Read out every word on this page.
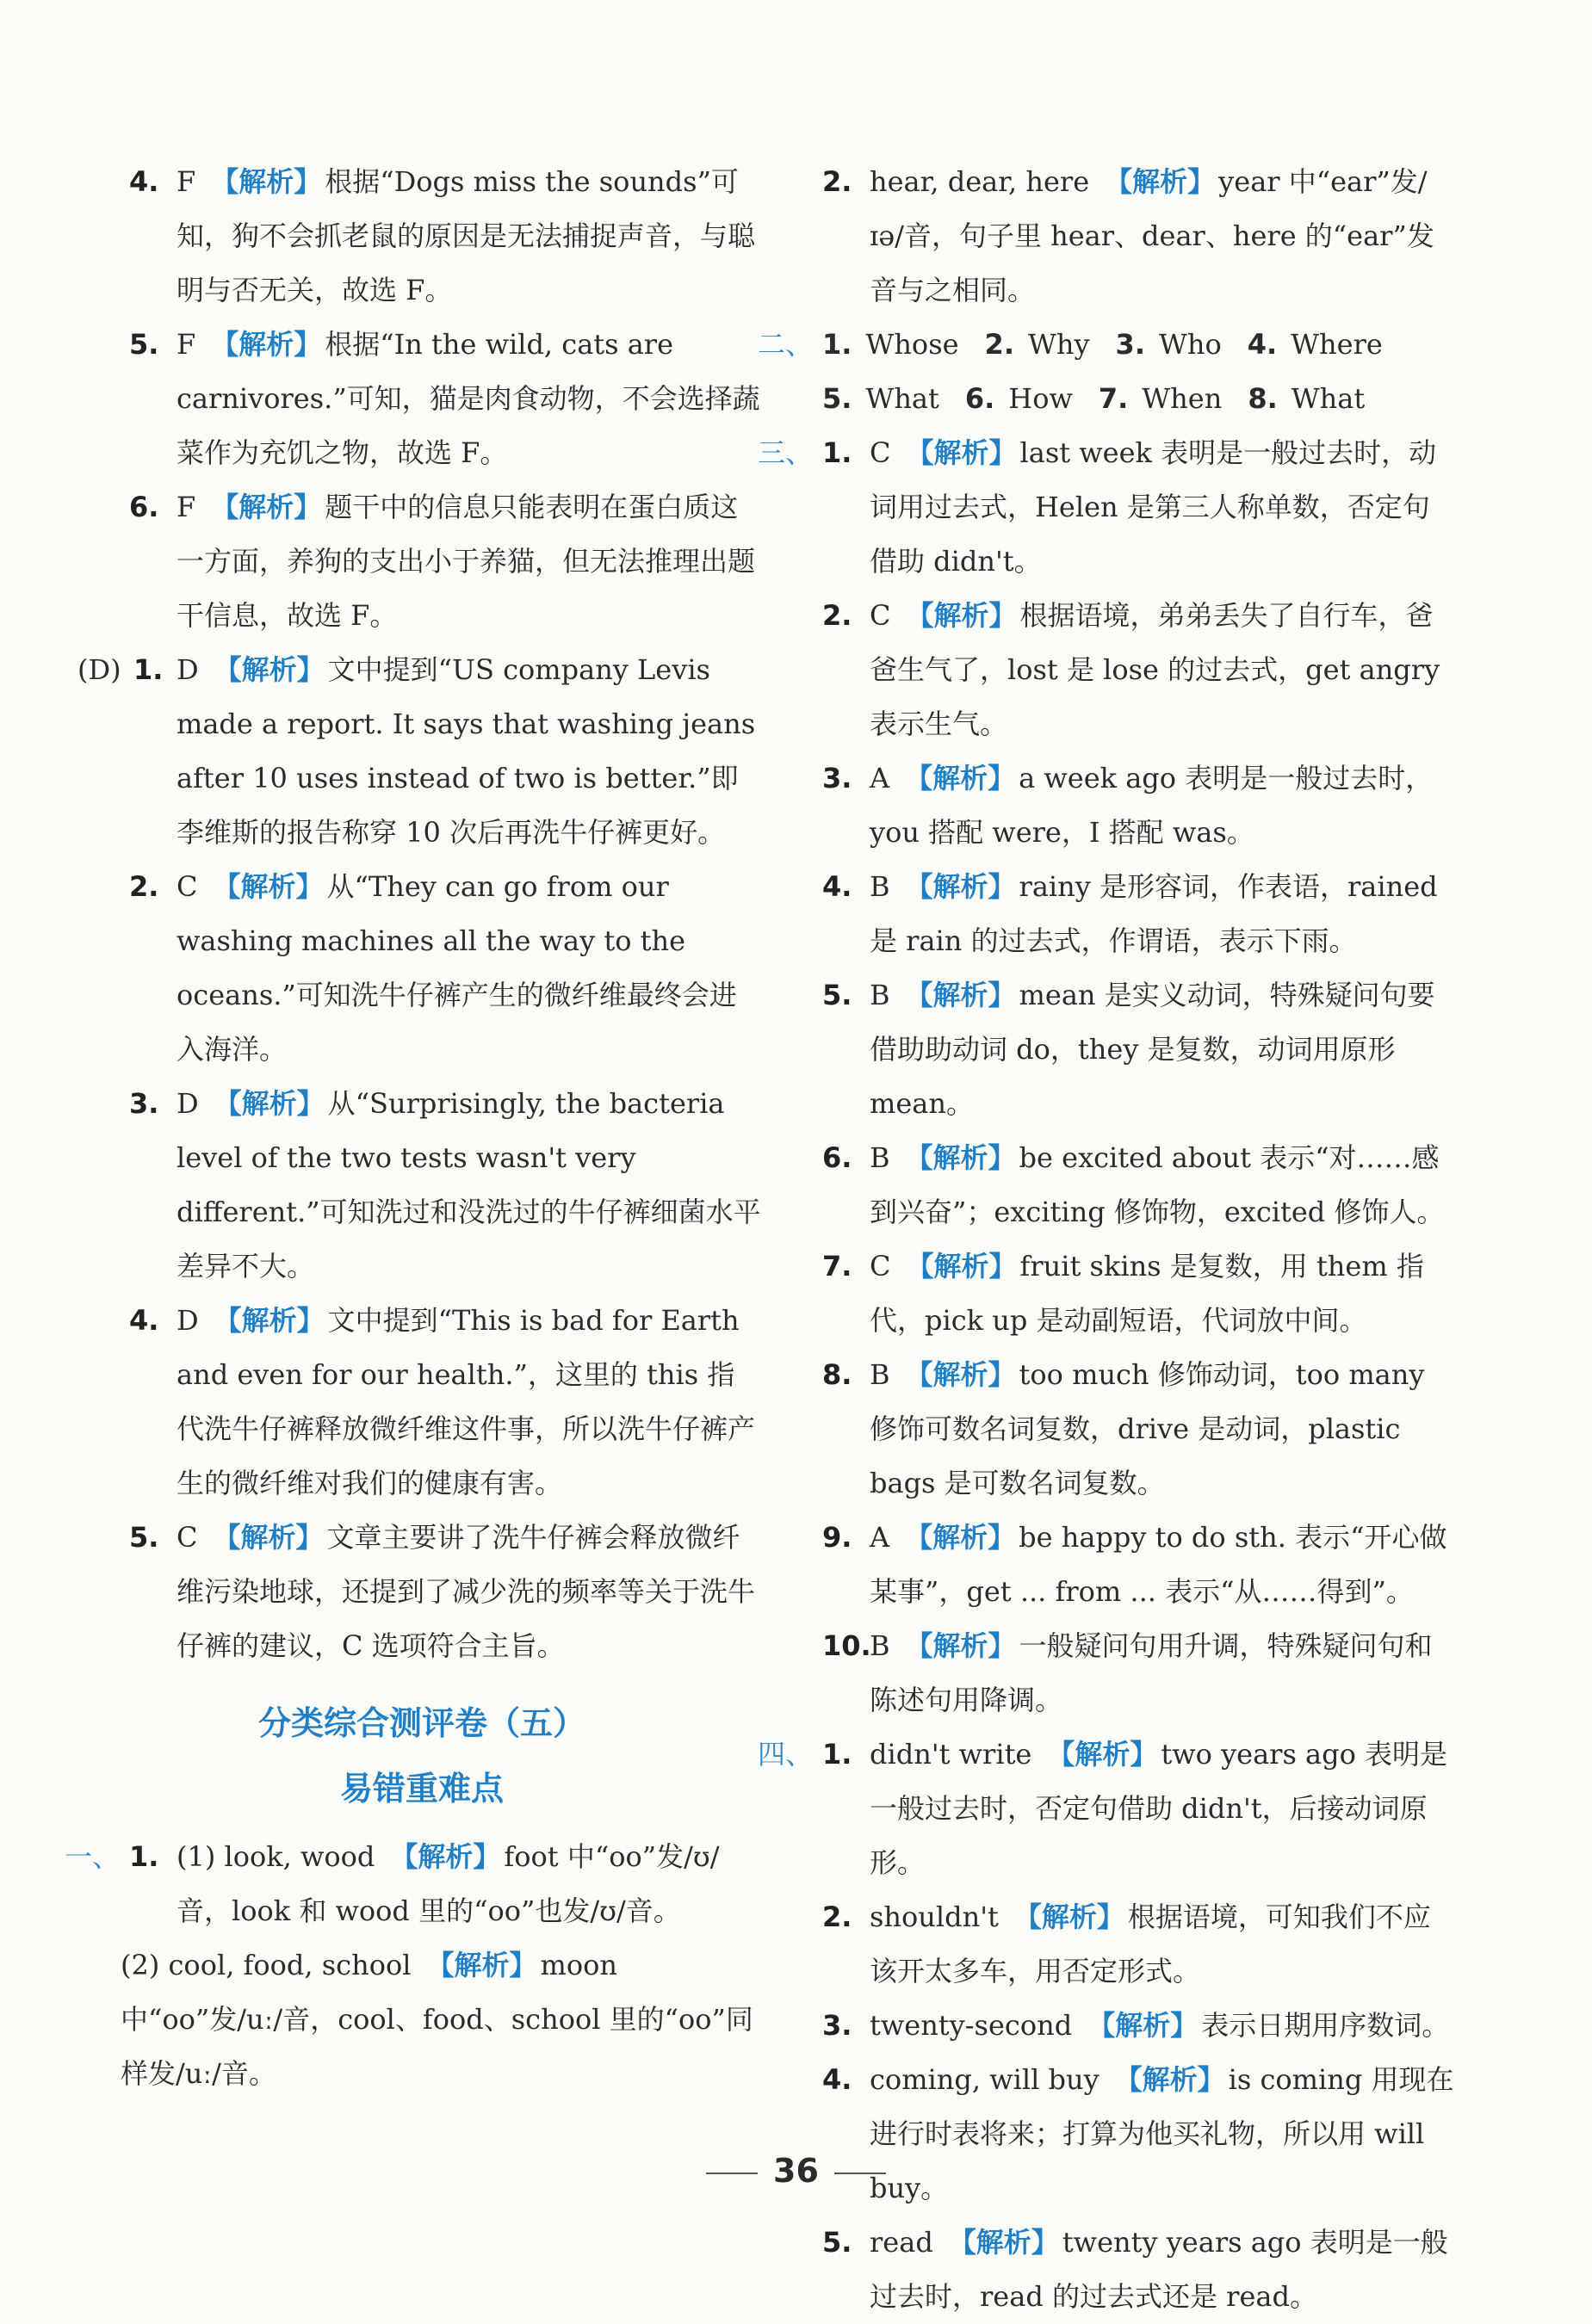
4. F 【解析】 根据“Dogs miss the sounds”可知，狗不会抓老鼠的原因是无法捕捉声音，与聪明与否无关，故选 F。
5. F 【解析】 根据“In the wild, cats are carnivores.”可知，猫是肉食动物，不会选择蔬菜作为充饥之物，故选 F。
6. F 【解析】 题干中的信息只能表明在蛋白质这一方面，养狗的支出小于养猫，但无法推理出题干信息，故选 F。
(D) 1. D 【解析】 文中提到“US company Levis made a report. It says that washing jeans after 10 uses instead of two is better.”即李维斯的报告称穿 10 次后再洗牛仔裤更好。
2. C 【解析】 从“They can go from our washing machines all the way to the oceans.”可知洗牛仔裤产生的微纤维最终会进入海洋。
3. D 【解析】 从“Surprisingly, the bacteria level of the two tests wasn't very different.”可知洗过和没洗过的牛仔裤细菌水平差异不大。
4. D 【解析】 文中提到“This is bad for Earth and even for our health.”，这里的 this 指代洗牛仔裤释放微纤维这件事，所以洗牛仔裤产生的微纤维对我们的健康有害。
5. C 【解析】 文章主要讲了洗牛仔裤会释放微纤维污染地球，还提到了减少洗的频率等关于洗牛仔裤的建议，C 选项符合主旨。
分类综合测评卷（五）
易错重难点
一、 1. (1) look, wood 【解析】 foot 中“oo”发/ʊ/音，look 和 wood 里的“oo”也发/ʊ/音。
(2) cool, food, school 【解析】 moon 中“oo”发/uː/音，cool、food、school 里的“oo”同样发/uː/音。
2. hear, dear, here 【解析】 year 中“ear”发/ɪə/音，句子里 hear、dear、here 的“ear”发音与之相同。
二、 1. Whose 2. Why 3. Who 4. Where
5. What 6. How 7. When 8. What
三、 1. C 【解析】 last week 表明是一般过去时，动词用过去式，Helen 是第三人称单数，否定句借助 didn't。
2. C 【解析】 根据语境，弟弟丢失了自行车，爸爸生气了，lost 是 lose 的过去式，get angry 表示生气。
3. A 【解析】 a week ago 表明是一般过去时，you 搭配 were，I 搭配 was。
4. B 【解析】 rainy 是形容词，作表语，rained 是 rain 的过去式，作谓语，表示下雨。
5. B 【解析】 mean 是实义动词，特殊疑问句要借助助动词 do，they 是复数，动词用原形 mean。
6. B 【解析】 be excited about 表示“对……感到兴奋”；exciting 修饰物，excited 修饰人。
7. C 【解析】 fruit skins 是复数，用 them 指代，pick up 是动副短语，代词放中间。
8. B 【解析】 too much 修饰动词，too many 修饰可数名词复数，drive 是动词，plastic bags 是可数名词复数。
9. A 【解析】 be happy to do sth. 表示“开心做某事”，get ... from ... 表示“从……得到”。
10.
B 【解析】 一般疑问句用升调，特殊疑问句和陈述句用降调。
四、 1. didn't write 【解析】 two years ago 表明是一般过去时，否定句借助 didn't，后接动词原形。
2. shouldn't 【解析】 根据语境，可知我们不应该开太多车，用否定形式。
3. twenty-second 【解析】 表示日期用序数词。
4. coming, will buy 【解析】 is coming 用现在进行时表将来；打算为他买礼物，所以用 will buy。
5. read 【解析】 twenty years ago 表明是一般过去时，read 的过去式还是 read。
36
